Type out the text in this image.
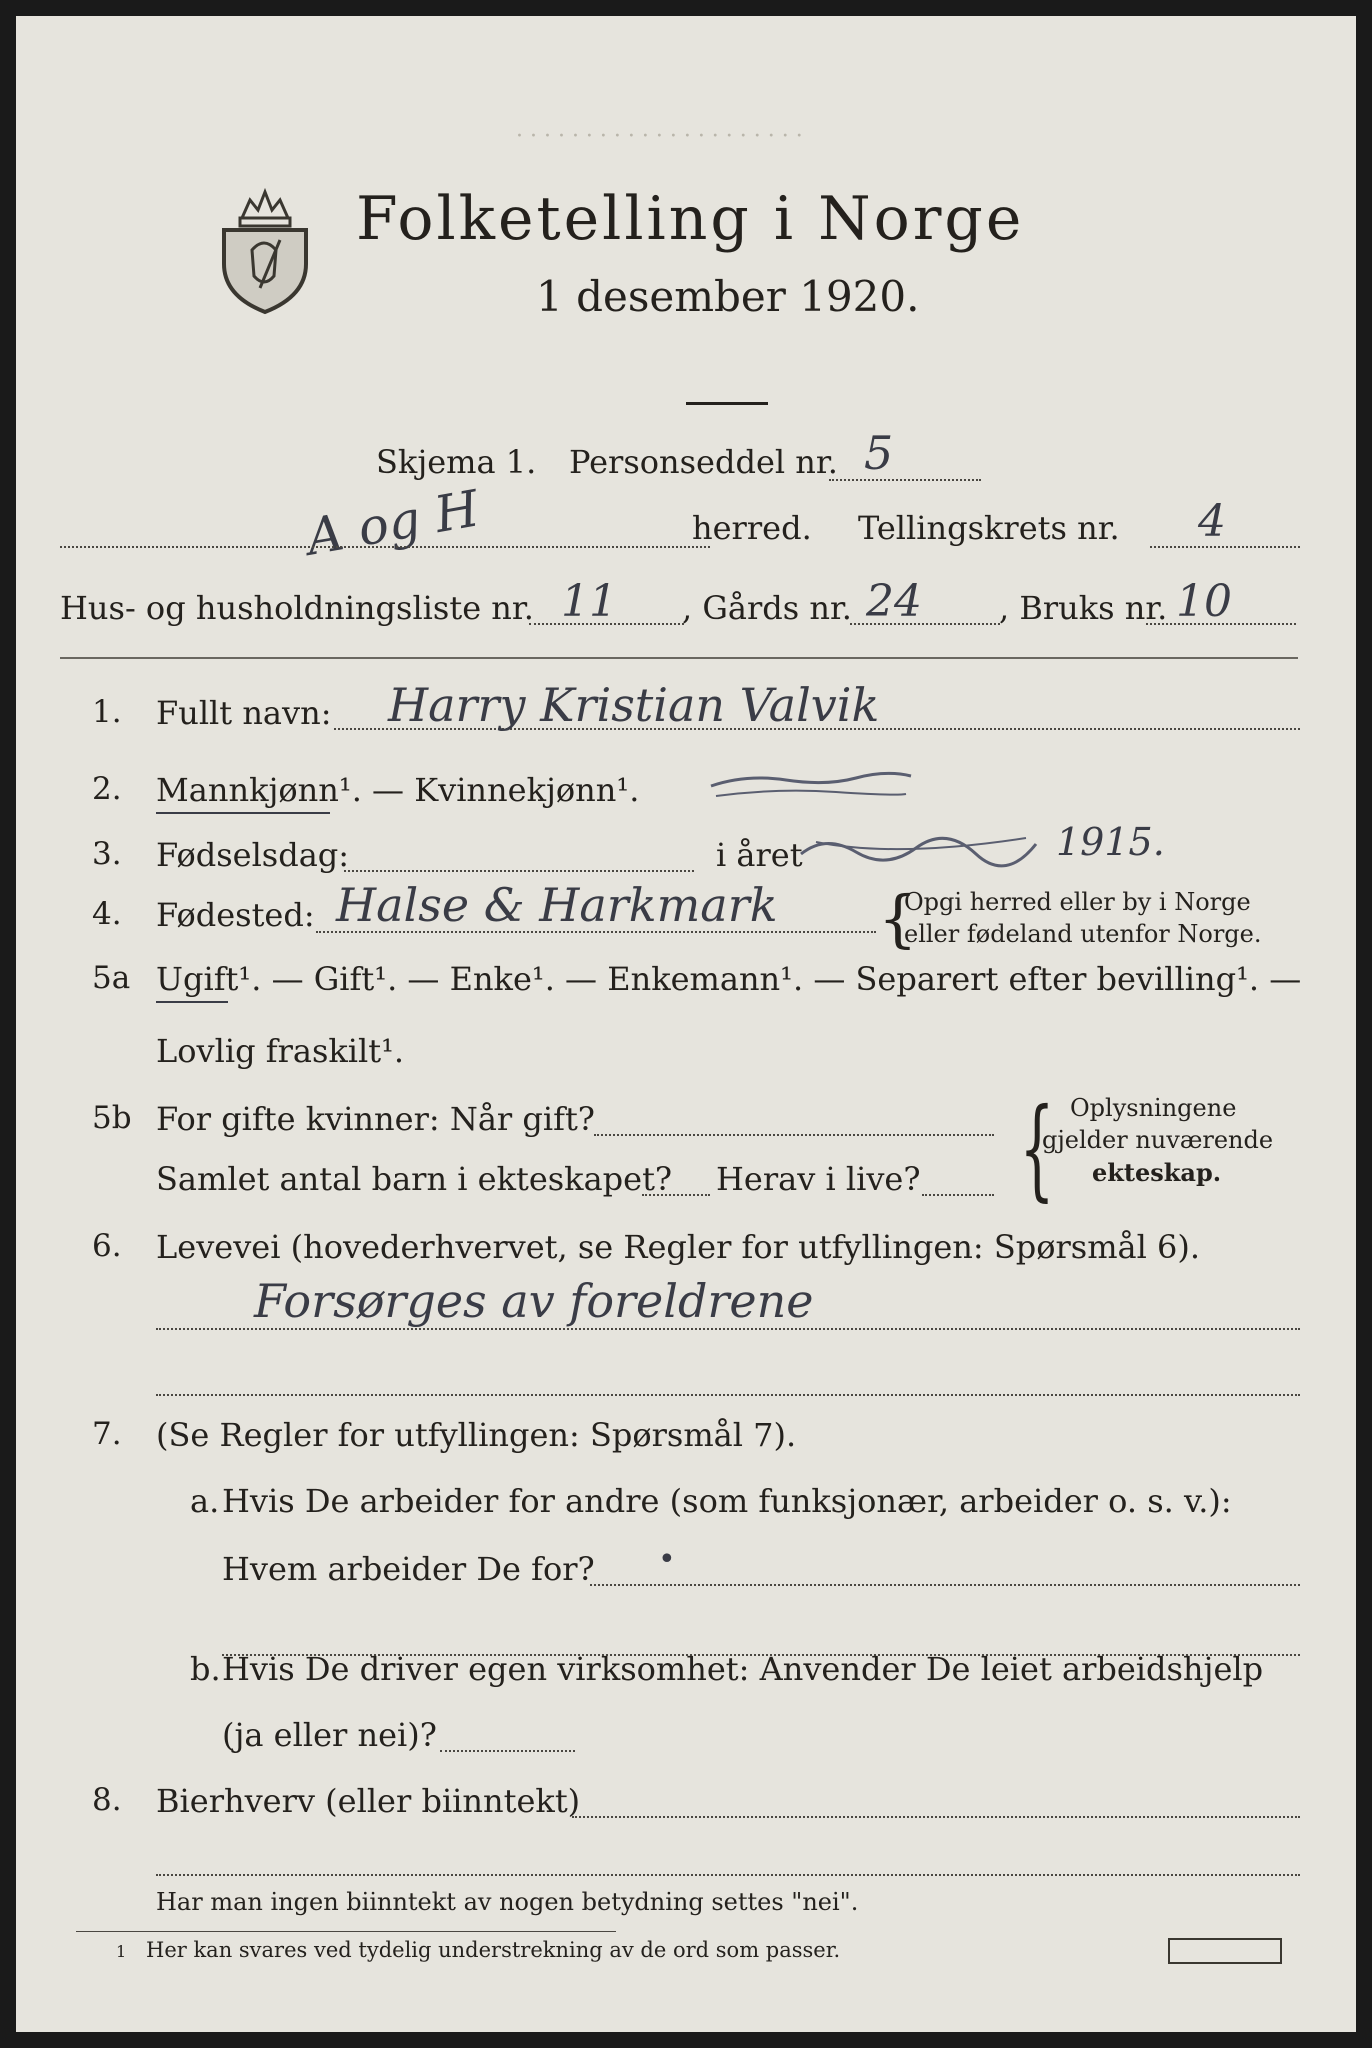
· · · · · · · · · · · · · · · · · · · · ·
Folketelling i Norge
1 desember 1920.
Skjema 1. Personseddel nr. 5
A og H	herred. Tellingskrets nr. 4
Hus- og husholdningsliste nr. 11 , Gårds nr. 24 , Bruks nr. 10
1. Fullt navn: Harry Kristian Valvik
2. Mannkjønn¹. — Kvinnekjønn¹.
3. Fødselsdag:	i året	1915.
4. Fødested: Halse & Harkmark {
Opgi herred eller by i Norge
eller fødeland utenfor Norge.
5a Ugift¹. — Gift¹. — Enke¹. — Enkemann¹. — Separert efter bevilling¹. —
Lovlig fraskilt¹.
5b For gifte kvinner: Når gift?
Samlet antal barn i ekteskapet? Herav i live? { Oplysningene
gjelder nuværende
ekteskap.
6. Levevei (hovederhvervet, se Regler for utfyllingen: Spørsmål 6).
Forsørges av foreldrene
7. (Se Regler for utfyllingen: Spørsmål 7).
a. Hvis De arbeider for andre (som funksjonær, arbeider o. s. v.):
Hvem arbeider De for? •
b. Hvis De driver egen virksomhet: Anvender De leiet arbeidshjelp
(ja eller nei)?
8. Bierhverv (eller biinntekt)
Har man ingen biinntekt av nogen betydning settes "nei".
1 Her kan svares ved tydelig understrekning av de ord som passer.
